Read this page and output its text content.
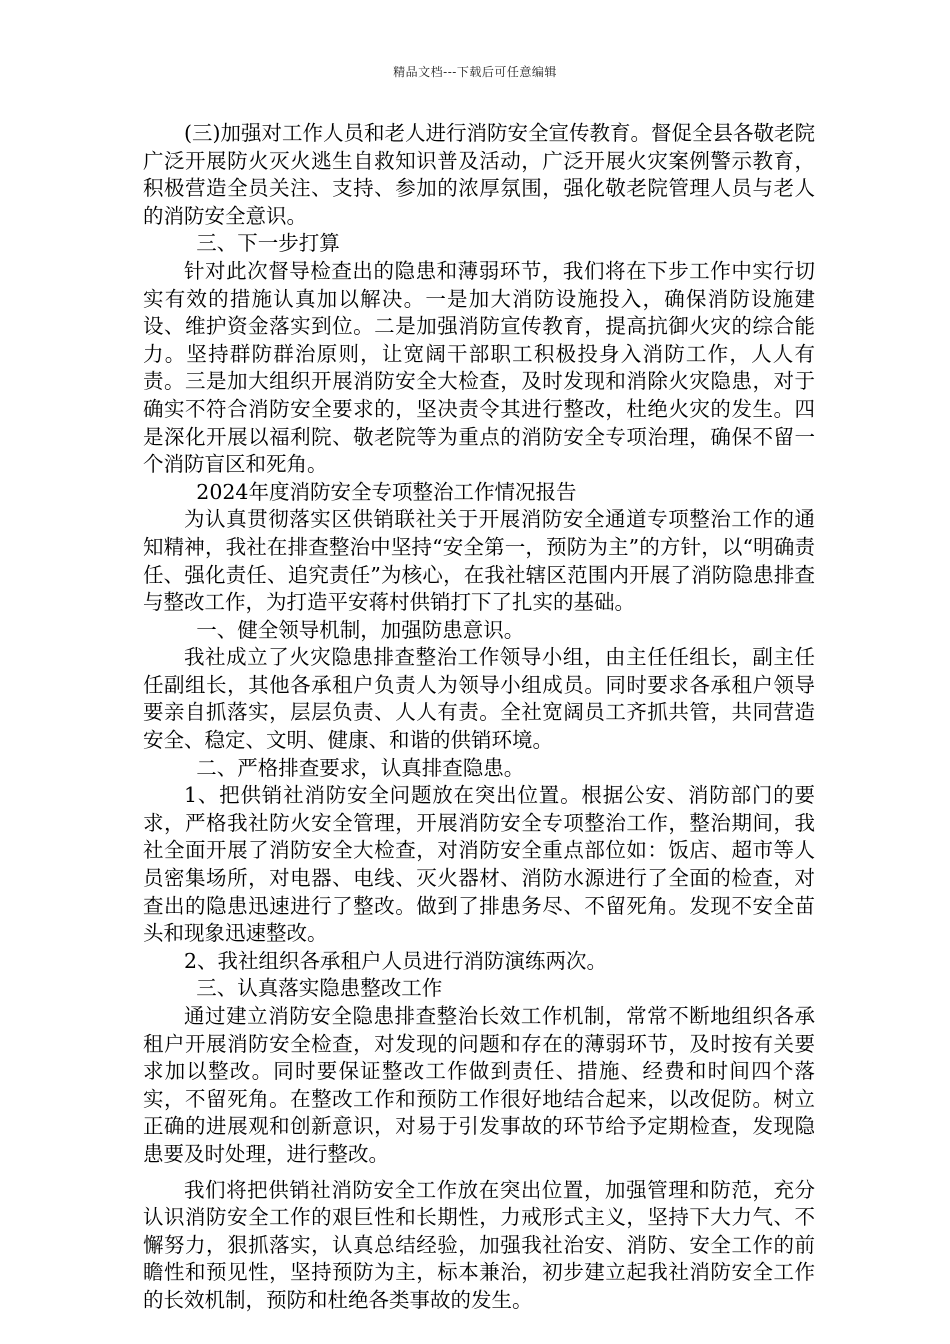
精品文档---下载后可任意编辑

(三)加强对工作人员和老人进行消防安全宣传教育。督促全县各敬老院广泛开展防火灭火逃生自救知识普及活动，广泛开展火灾案例警示教育，积极营造全员关注、支持、参加的浓厚氛围，强化敬老院管理人员与老人的消防安全意识。

三、下一步打算

针对此次督导检查出的隐患和薄弱环节，我们将在下步工作中实行切实有效的措施认真加以解决。一是加大消防设施投入，确保消防设施建设、维护资金落实到位。二是加强消防宣传教育，提高抗御火灾的综合能力。坚持群防群治原则，让宽阔干部职工积极投身入消防工作，人人有责。三是加大组织开展消防安全大检查，及时发现和消除火灾隐患，对于确实不符合消防安全要求的，坚决责令其进行整改，杜绝火灾的发生。四是深化开展以福利院、敬老院等为重点的消防安全专项治理，确保不留一个消防盲区和死角。

2024年度消防安全专项整治工作情况报告

为认真贯彻落实区供销联社关于开展消防安全通道专项整治工作的通知精神，我社在排查整治中坚持“安全第一，预防为主”的方针，以“明确责任、强化责任、追究责任”为核心，在我社辖区范围内开展了消防隐患排查与整改工作，为打造平安蒋村供销打下了扎实的基础。

一、健全领导机制，加强防患意识。

我社成立了火灾隐患排查整治工作领导小组，由主任任组长，副主任任副组长，其他各承租户负责人为领导小组成员。同时要求各承租户领导要亲自抓落实，层层负责、人人有责。全社宽阔员工齐抓共管，共同营造安全、稳定、文明、健康、和谐的供销环境。

二、严格排查要求，认真排查隐患。

1、把供销社消防安全问题放在突出位置。根据公安、消防部门的要求，严格我社防火安全管理，开展消防安全专项整治工作，整治期间，我社全面开展了消防安全大检查，对消防安全重点部位如：饭店、超市等人员密集场所，对电器、电线、灭火器材、消防水源进行了全面的检查，对查出的隐患迅速进行了整改。做到了排患务尽、不留死角。发现不安全苗头和现象迅速整改。

2、我社组织各承租户人员进行消防演练两次。

三、认真落实隐患整改工作

通过建立消防安全隐患排查整治长效工作机制，常常不断地组织各承租户开展消防安全检查，对发现的问题和存在的薄弱环节，及时按有关要求加以整改。同时要保证整改工作做到责任、措施、经费和时间四个落实，不留死角。在整改工作和预防工作很好地结合起来，以改促防。树立正确的进展观和创新意识，对易于引发事故的环节给予定期检查，发现隐患要及时处理，进行整改。

我们将把供销社消防安全工作放在突出位置，加强管理和防范，充分认识消防安全工作的艰巨性和长期性，力戒形式主义，坚持下大力气、不懈努力，狠抓落实，认真总结经验，加强我社治安、消防、安全工作的前瞻性和预见性，坚持预防为主，标本兼治，初步建立起我社消防安全工作的长效机制，预防和杜绝各类事故的发生。
